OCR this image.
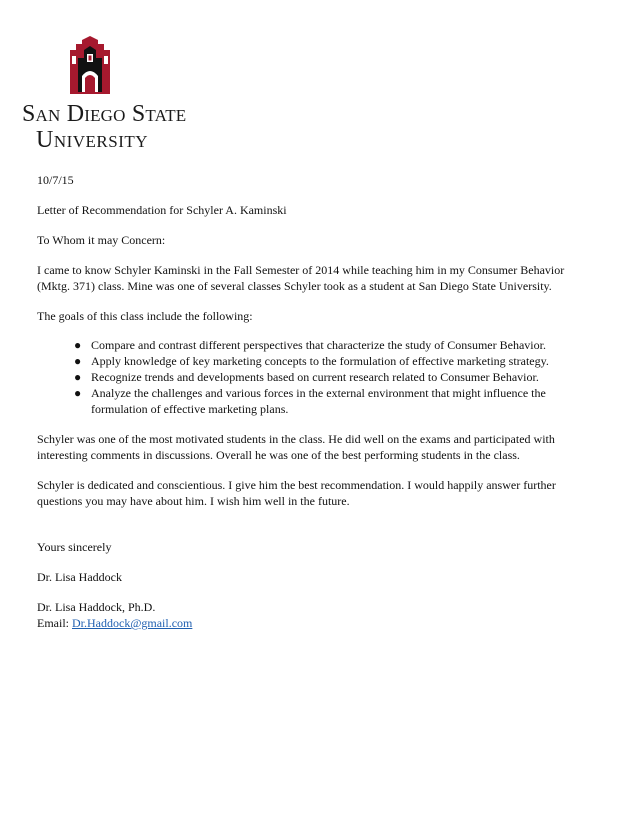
San Diego State
University

10/7/15

Letter of Recommendation for Schyler A. Kaminski

To Whom it may Concern:

I came to know Schyler Kaminski in the Fall Semester of 2014 while teaching him in my Consumer Behavior (Mktg. 371) class. Mine was one of several classes Schyler took as a student at San Diego State University.

The goals of this class include the following:

● Compare and contrast different perspectives that characterize the study of Consumer Behavior.
● Apply knowledge of key marketing concepts to the formulation of effective marketing strategy.
● Recognize trends and developments based on current research related to Consumer Behavior.
● Analyze the challenges and various forces in the external environment that might influence the formulation of effective marketing plans.

Schyler was one of the most motivated students in the class. He did well on the exams and participated with interesting comments in discussions. Overall he was one of the best performing students in the class.

Schyler is dedicated and conscientious. I give him the best recommendation. I would happily answer further questions you may have about him. I wish him well in the future.

Yours sincerely

Dr. Lisa Haddock

Dr. Lisa Haddock, Ph.D.

Email: Dr.Haddock@gmail.com
